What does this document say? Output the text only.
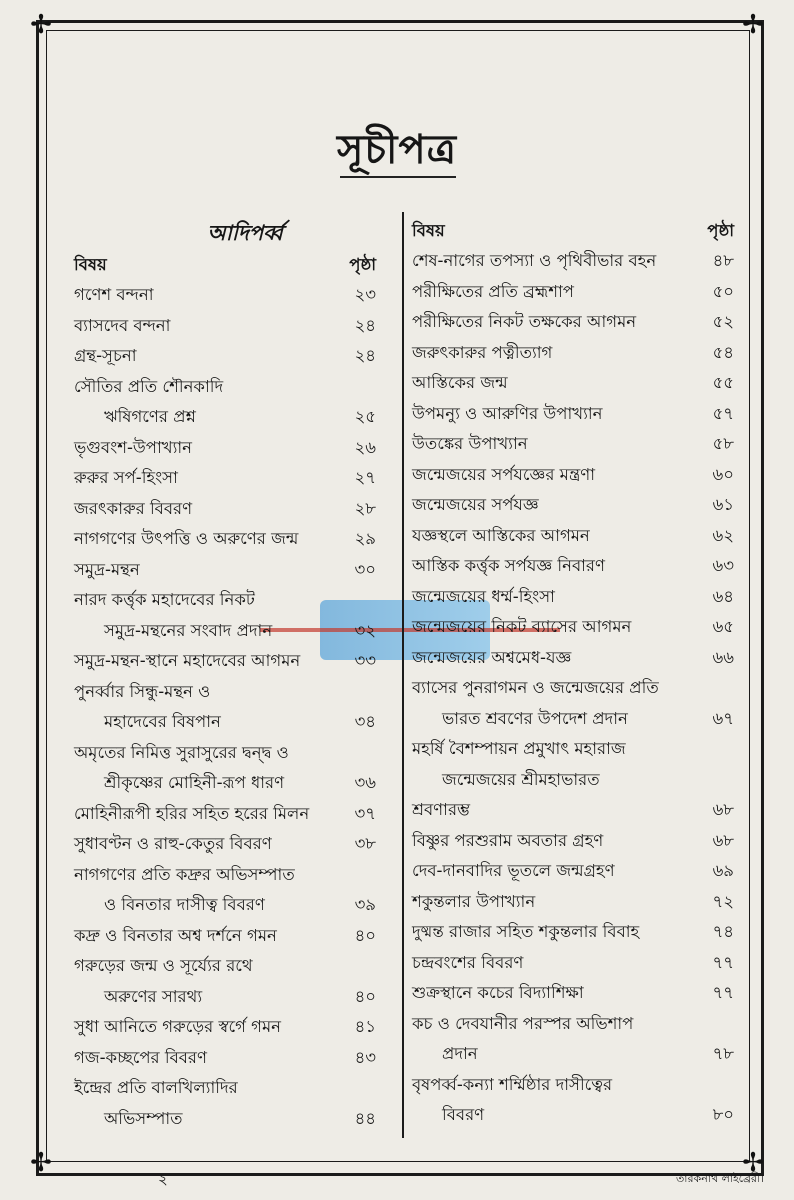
✢	✢
✢	✢
সূচীপত্র
আদিপর্ব্ব
বিষয়	পৃষ্ঠা
গণেশ বন্দনা	২৩
ব্যাসদেব বন্দনা	২৪
গ্রন্থ-সূচনা	২৪
সৌতির প্রতি শৌনকাদি
ঋষিগণের প্রশ্ন	২৫
ভৃগুবংশ-উপাখ্যান	২৬
রুরুর সর্প-হিংসা	২৭
জরৎকারুর বিবরণ	২৮
নাগগণের উৎপত্তি ও অরুণের জন্ম	২৯
সমুদ্র-মন্থন	৩০
নারদ কর্ত্তৃক মহাদেবের নিকট
সমুদ্র-মন্থনের সংবাদ প্রদান	৩২
সমুদ্র-মন্থন-স্থানে মহাদেবের আগমন	৩৩
পুনর্ব্বার সিন্ধু-মন্থন ও
মহাদেবের বিষপান	৩৪
অমৃতের নিমিত্ত সুরাসুরের দ্বন্দ্ব ও
শ্রীকৃষ্ণের মোহিনী-রূপ ধারণ	৩৬
মোহিনীরূপী হরির সহিত হরের মিলন	৩৭
সুধাবণ্টন ও রাহু-কেতুর বিবরণ	৩৮
নাগগণের প্রতি কদ্রুর অভিসম্পাত
ও বিনতার দাসীত্ব বিবরণ	৩৯
কদ্রু ও বিনতার অশ্ব দর্শনে গমন	৪০
গরুড়ের জন্ম ও সূর্য্যের রথে
অরুণের সারথ্য	৪০
সুধা আনিতে গরুড়ের স্বর্গে গমন	৪১
গজ-কচ্ছপের বিবরণ	৪৩
ইন্দ্রের প্রতি বালখিল্যাদির
অভিসম্পাত	৪৪
বিষয়	পৃষ্ঠা
শেষ-নাগের তপস্যা ও পৃথিবীভার বহন	৪৮
পরীক্ষিতের প্রতি ব্রহ্মশাপ	৫০
পরীক্ষিতের নিকট তক্ষকের আগমন	৫২
জরুৎকারুর পত্নীত্যাগ	৫৪
আস্তিকের জন্ম	৫৫
উপমন্যু ও আরুণির উপাখ্যান	৫৭
উতঙ্কের উপাখ্যান	৫৮
জন্মেজয়ের সর্পযজ্ঞের মন্ত্রণা	৬০
জন্মেজয়ের সর্পযজ্ঞ	৬১
যজ্ঞস্থলে আস্তিকের আগমন	৬২
আস্তিক কর্ত্তৃক সর্পযজ্ঞ নিবারণ	৬৩
জন্মেজয়ের ধর্ম্ম-হিংসা	৬৪
জন্মেজয়ের নিকট ব্যাসের আগমন	৬৫
জন্মেজয়ের অশ্বমেধ-যজ্ঞ	৬৬
ব্যাসের পুনরাগমন ও জন্মেজয়ের প্রতি
ভারত শ্রবণের উপদেশ প্রদান	৬৭
মহর্ষি বৈশম্পায়ন প্রমুখাৎ মহারাজ
জন্মেজয়ের শ্রীমহাভারত
শ্রবণারম্ভ	৬৮
বিষ্ণুর পরশুরাম অবতার গ্রহণ	৬৮
দেব-দানবাদির ভূতলে জন্মগ্রহণ	৬৯
শকুন্তলার উপাখ্যান	৭২
দুষ্মন্ত রাজার সহিত শকুন্তলার বিবাহ	৭৪
চন্দ্রবংশের বিবরণ	৭৭
শুক্রস্থানে কচের বিদ্যাশিক্ষা	৭৭
কচ ও দেবযানীর পরস্পর অভিশাপ
প্রদান	৭৮
বৃষপর্ব্ব-কন্যা শর্ম্মিষ্ঠার দাসীত্বের
বিবরণ	৮০
২	তারকনাথ লাইব্রেরী।
